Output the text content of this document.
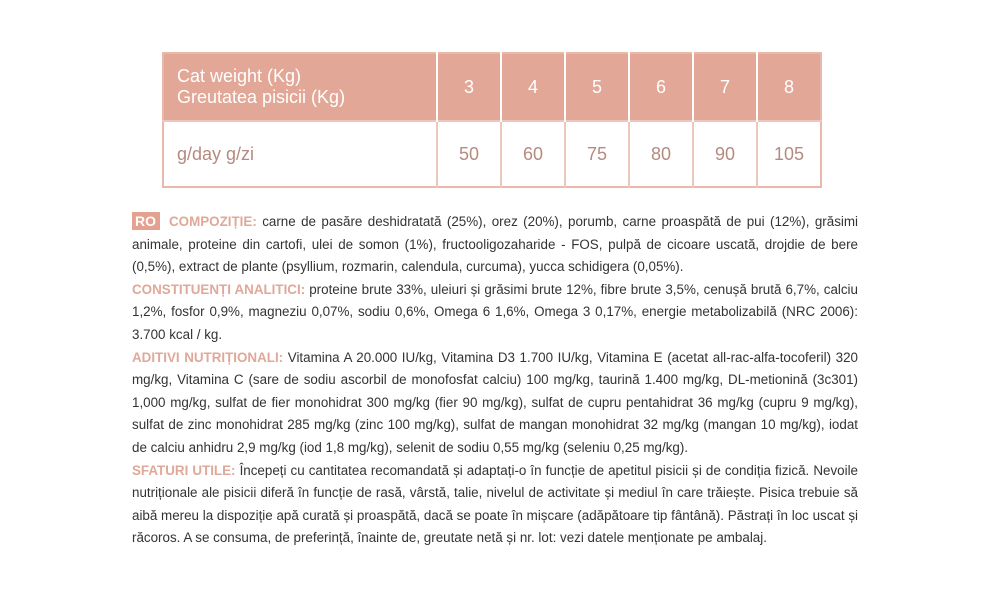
Cat weight (Kg)
Greutatea pisicii (Kg)	3	4	5	6	7	8
g/day g/zi	50	60	75	80	90	105

RO COMPOZIȚIE: carne de pasăre deshidratată (25%), orez (20%), porumb, carne proaspătă de pui (12%), grăsimi animale, proteine din cartofi, ulei de somon (1%), fructooligozaharide - FOS, pulpă de cicoare uscată, drojdie de bere (0,5%), extract de plante (psyllium, rozmarin, calendula, curcuma), yucca schidigera (0,05%).

CONSTITUENȚI ANALITICI: proteine brute 33%, uleiuri și grăsimi brute 12%, fibre brute 3,5%, cenușă brută 6,7%, calciu 1,2%, fosfor 0,9%, magneziu 0,07%, sodiu 0,6%, Omega 6 1,6%, Omega 3 0,17%, energie metabolizabilă (NRC 2006): 3.700 kcal / kg.

ADITIVI NUTRIȚIONALI: Vitamina A 20.000 IU/kg, Vitamina D3 1.700 IU/kg, Vitamina E (acetat all-rac-alfa-tocoferil) 320 mg/kg, Vitamina C (sare de sodiu ascorbil de monofosfat calciu) 100 mg/kg, taurină 1.400 mg/kg, DL-metionină (3c301) 1,000 mg/kg, sulfat de fier monohidrat 300 mg/kg (fier 90 mg/kg), sulfat de cupru pentahidrat 36 mg/kg (cupru 9 mg/kg), sulfat de zinc monohidrat 285 mg/kg (zinc 100 mg/kg), sulfat de mangan monohidrat 32 mg/kg (mangan 10 mg/kg), iodat de calciu anhidru 2,9 mg/kg (iod 1,8 mg/kg), selenit de sodiu 0,55 mg/kg (seleniu 0,25 mg/kg).

SFATURI UTILE: Începeți cu cantitatea recomandată și adaptați-o în funcție de apetitul pisicii și de condiția fizică. Nevoile nutriționale ale pisicii diferă în funcție de rasă, vârstă, talie, nivelul de activitate și mediul în care trăiește. Pisica trebuie să aibă mereu la dispoziție apă curată și proaspătă, dacă se poate în mișcare (adăpătoare tip fântână). Păstrați în loc uscat și răcoros. A se consuma, de preferință, înainte de, greutate netă și nr. lot: vezi datele menționate pe ambalaj.
